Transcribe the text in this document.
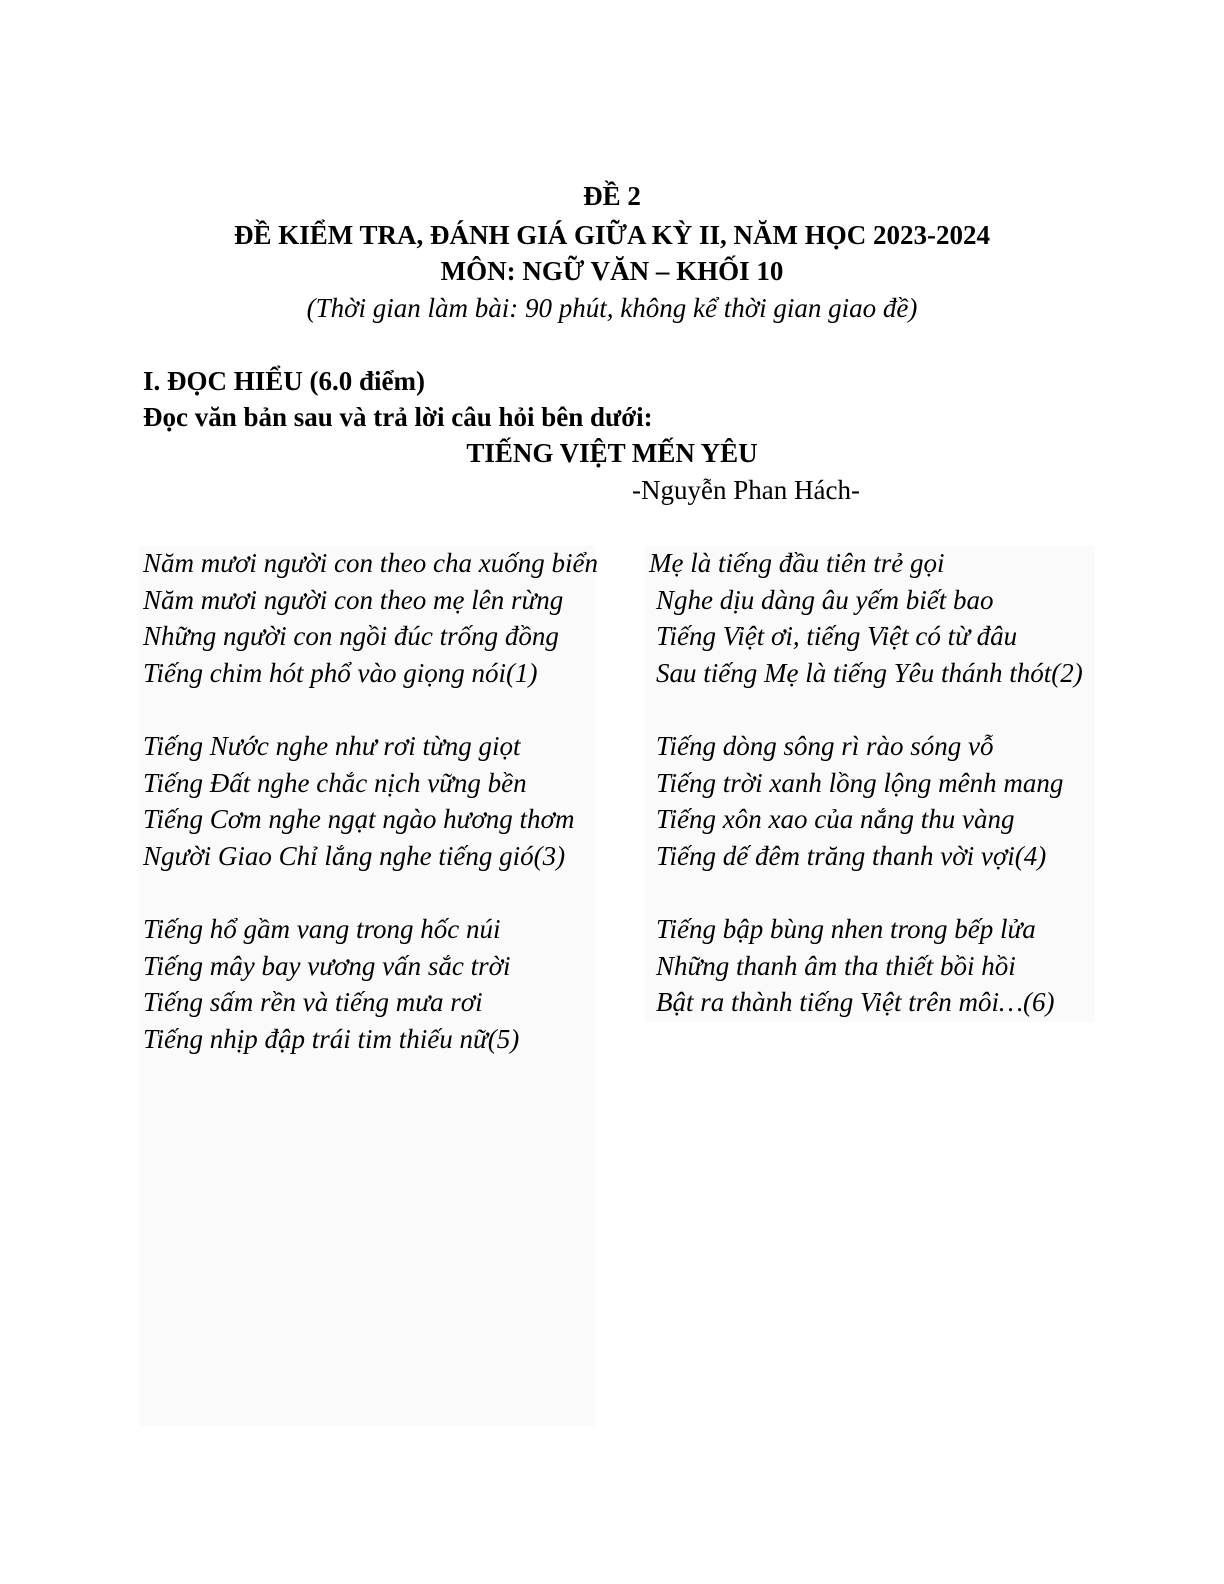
ĐỀ 2
ĐỀ KIỂM TRA, ĐÁNH GIÁ GIỮA KỲ II, NĂM HỌC 2023-2024
MÔN: NGỮ VĂN – KHỐI 10
(Thời gian làm bài: 90 phút, không kể thời gian giao đề)
I. ĐỌC HIỂU (6.0 điểm)
Đọc văn bản sau và trả lời câu hỏi bên dưới:
TIẾNG VIỆT MẾN YÊU
-Nguyễn Phan Hách-
Năm mươi người con theo cha xuống biển
Năm mươi người con theo mẹ lên rừng
Những người con ngồi đúc trống đồng
Tiếng chim hót phổ vào giọng nói(1)
Tiếng Nước nghe như rơi từng giọt
Tiếng Đất nghe chắc nịch vững bền
Tiếng Cơm nghe ngạt ngào hương thơm
Người Giao Chỉ lắng nghe tiếng gió(3)
Tiếng hổ gầm vang trong hốc núi
Tiếng mây bay vương vấn sắc trời
Tiếng sấm rền và tiếng mưa rơi
Tiếng nhịp đập trái tim thiếu nữ(5)
Mẹ là tiếng đầu tiên trẻ gọi
Nghe dịu dàng âu yếm biết bao
Tiếng Việt ơi, tiếng Việt có từ đâu
Sau tiếng Mẹ là tiếng Yêu thánh thót(2)
Tiếng dòng sông rì rào sóng vỗ
Tiếng trời xanh lồng lộng mênh mang
Tiếng xôn xao của nắng thu vàng
Tiếng dế đêm trăng thanh vời vợi(4)
Tiếng bập bùng nhen trong bếp lửa
Những thanh âm tha thiết bồi hồi
Bật ra thành tiếng Việt trên môi…(6)
